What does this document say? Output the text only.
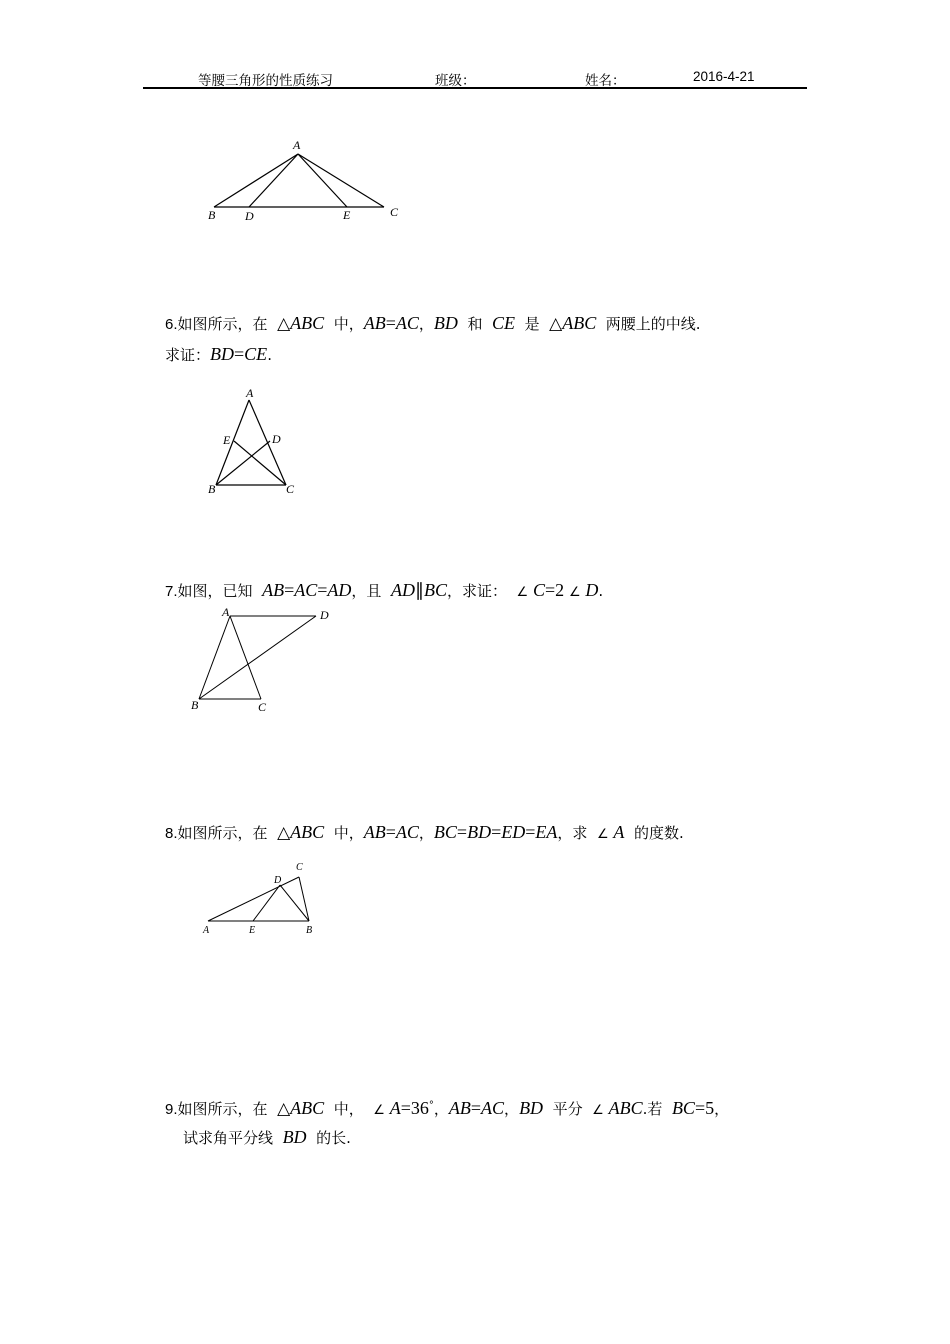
等腰三角形的性质练习	班级：	姓名：	2016-4-21
A
B D	E	C
6.如图所示，在 △ABC 中，AB=AC，BD 和 CE 是 △ABC 两腰上的中线.
求证：BD=CE.
A
E	D
B	C
7.如图，已知 AB=AC=AD，且 AD∥BC，求证： ∠ C=2 ∠ D.
A	D
B	C
8.如图所示，在 △ABC 中，AB=AC，BC=BD=ED=EA，求 ∠ A 的度数.
C
D
A	E	B
9.如图所示，在 △ABC 中， ∠ A=36°，AB=AC，BD 平分 ∠ ABC.若 BC=5，
试求角平分线 BD 的长.
